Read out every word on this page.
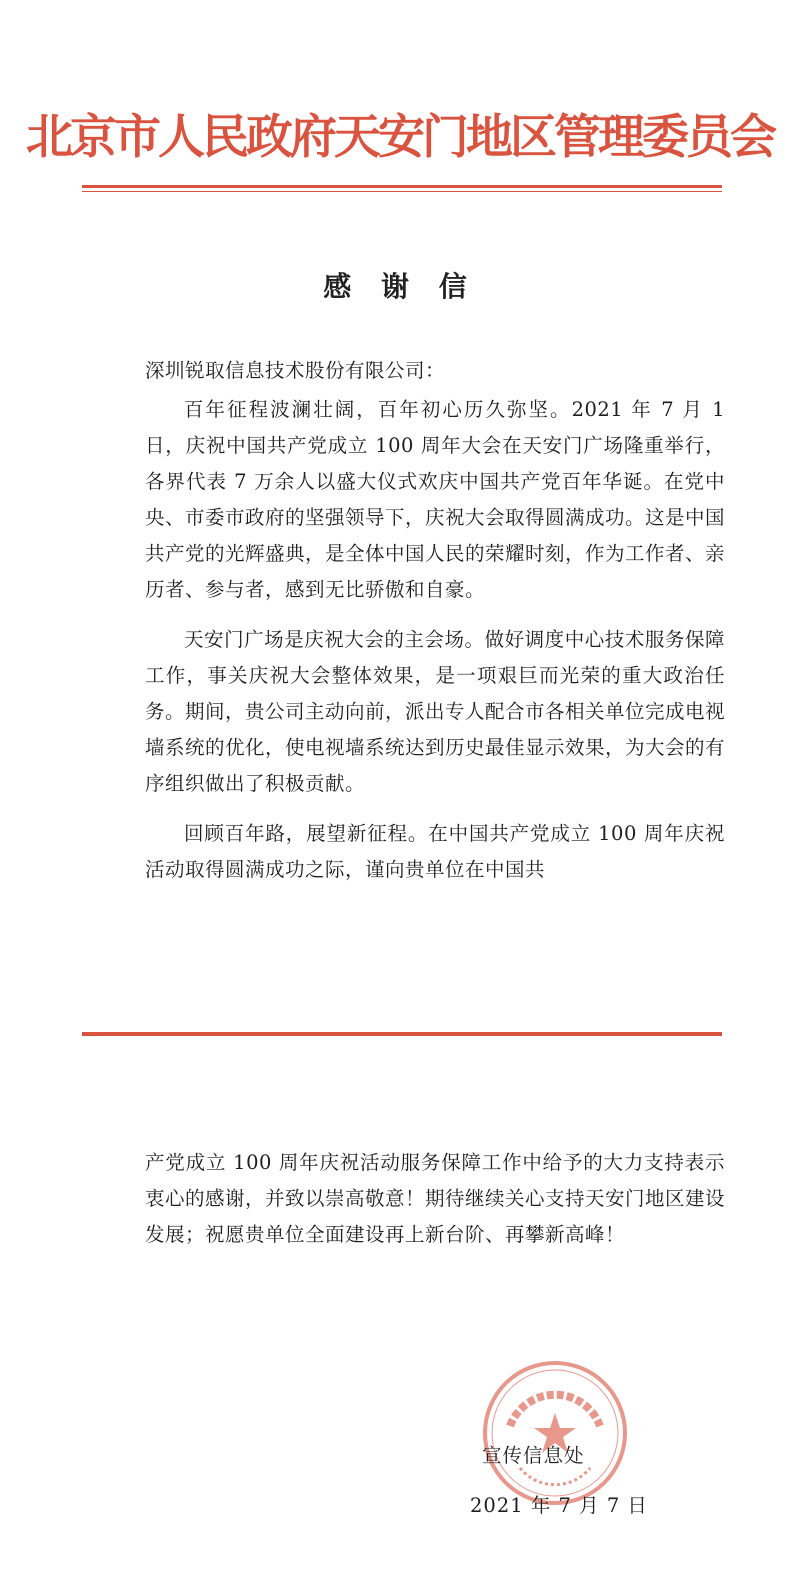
北京市人民政府天安门地区管理委员会
感 谢 信
深圳锐取信息技术股份有限公司：

百年征程波澜壮阔，百年初心历久弥坚。2021 年 7 月 1 日，庆祝中国共产党成立 100 周年大会在天安门广场隆重举行，各界代表 7 万余人以盛大仪式欢庆中国共产党百年华诞。在党中央、市委市政府的坚强领导下，庆祝大会取得圆满成功。这是中国共产党的光辉盛典，是全体中国人民的荣耀时刻，作为工作者、亲历者、参与者，感到无比骄傲和自豪。

天安门广场是庆祝大会的主会场。做好调度中心技术服务保障工作，事关庆祝大会整体效果，是一项艰巨而光荣的重大政治任务。期间，贵公司主动向前，派出专人配合市各相关单位完成电视墙系统的优化，使电视墙系统达到历史最佳显示效果，为大会的有序组织做出了积极贡献。

回顾百年路，展望新征程。在中国共产党成立 100 周年庆祝活动取得圆满成功之际，谨向贵单位在中国共

产党成立 100 周年庆祝活动服务保障工作中给予的大力支持表示衷心的感谢，并致以崇高敬意！期待继续关心支持天安门地区建设发展；祝愿贵单位全面建设再上新台阶、再攀新高峰！
宣传信息处
2021 年 7 月 7 日
